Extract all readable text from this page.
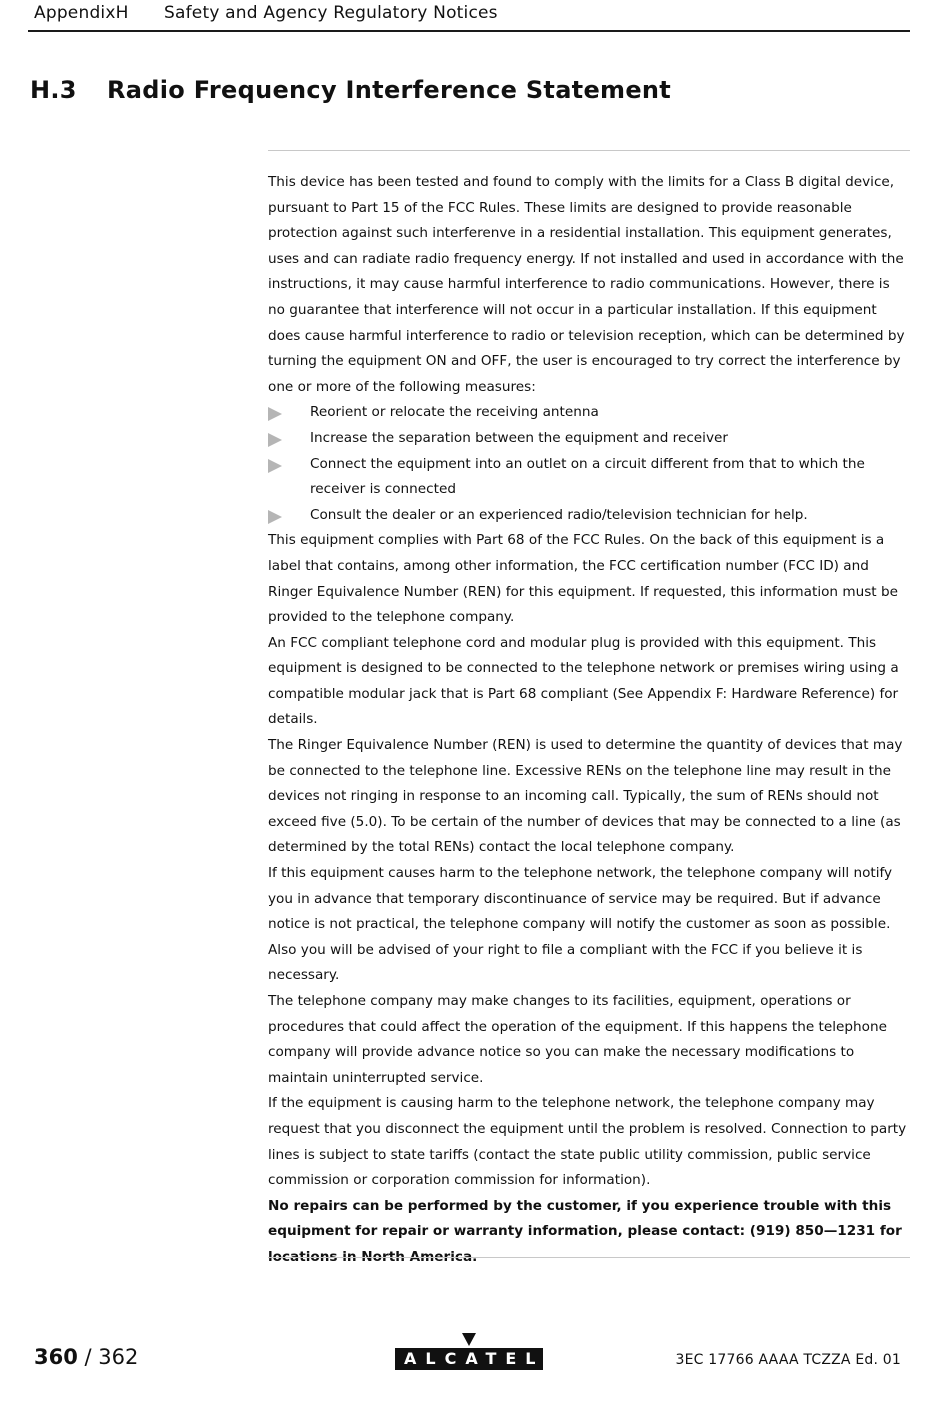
AppendixH Safety and Agency Regulatory Notices
H.3 Radio Frequency Interference Statement

This device has been tested and found to comply with the limits for a Class B digital device, pursuant to Part 15 of the FCC Rules. These limits are designed to provide reasonable protection against such interferenve in a residential installation. This equipment generates, uses and can radiate radio frequency energy. If not installed and used in accordance with the instructions, it may cause harmful interference to radio communications. However, there is no guarantee that interference will not occur in a particular installation. If this equipment does cause harmful interference to radio or television reception, which can be determined by turning the equipment ON and OFF, the user is encouraged to try correct the interference by one or more of the following measures:

Reorient or relocate the receiving antenna
Increase the separation between the equipment and receiver
Connect the equipment into an outlet on a circuit different from that to which the receiver is connected
Consult the dealer or an experienced radio/television technician for help.

This equipment complies with Part 68 of the FCC Rules. On the back of this equipment is a label that contains, among other information, the FCC certification number (FCC ID) and Ringer Equivalence Number (REN) for this equipment. If requested, this information must be provided to the telephone company.

An FCC compliant telephone cord and modular plug is provided with this equipment. This equipment is designed to be connected to the telephone network or premises wiring using a compatible modular jack that is Part 68 compliant (See Appendix F: Hardware Reference) for details.

The Ringer Equivalence Number (REN) is used to determine the quantity of devices that may be connected to the telephone line. Excessive RENs on the telephone line may result in the devices not ringing in response to an incoming call. Typically, the sum of RENs should not exceed five (5.0). To be certain of the number of devices that may be connected to a line (as determined by the total RENs) contact the local telephone company.

If this equipment causes harm to the telephone network, the telephone company will notify you in advance that temporary discontinuance of service may be required. But if advance notice is not practical, the telephone company will notify the customer as soon as possible. Also you will be advised of your right to file a compliant with the FCC if you believe it is necessary.

The telephone company may make changes to its facilities, equipment, operations or procedures that could affect the operation of the equipment. If this happens the telephone company will provide advance notice so you can make the necessary modifications to maintain uninterrupted service.

If the equipment is causing harm to the telephone network, the telephone company may request that you disconnect the equipment until the problem is resolved. Connection to party lines is subject to state tariffs (contact the state public utility commission, public service commission or corporation commission for information).

No repairs can be performed by the customer, if you experience trouble with this equipment for repair or warranty information, please contact: (919) 850—1231 for locations in North America.

360 / 362	ALCATEL	3EC 17766 AAAA TCZZA Ed. 01
